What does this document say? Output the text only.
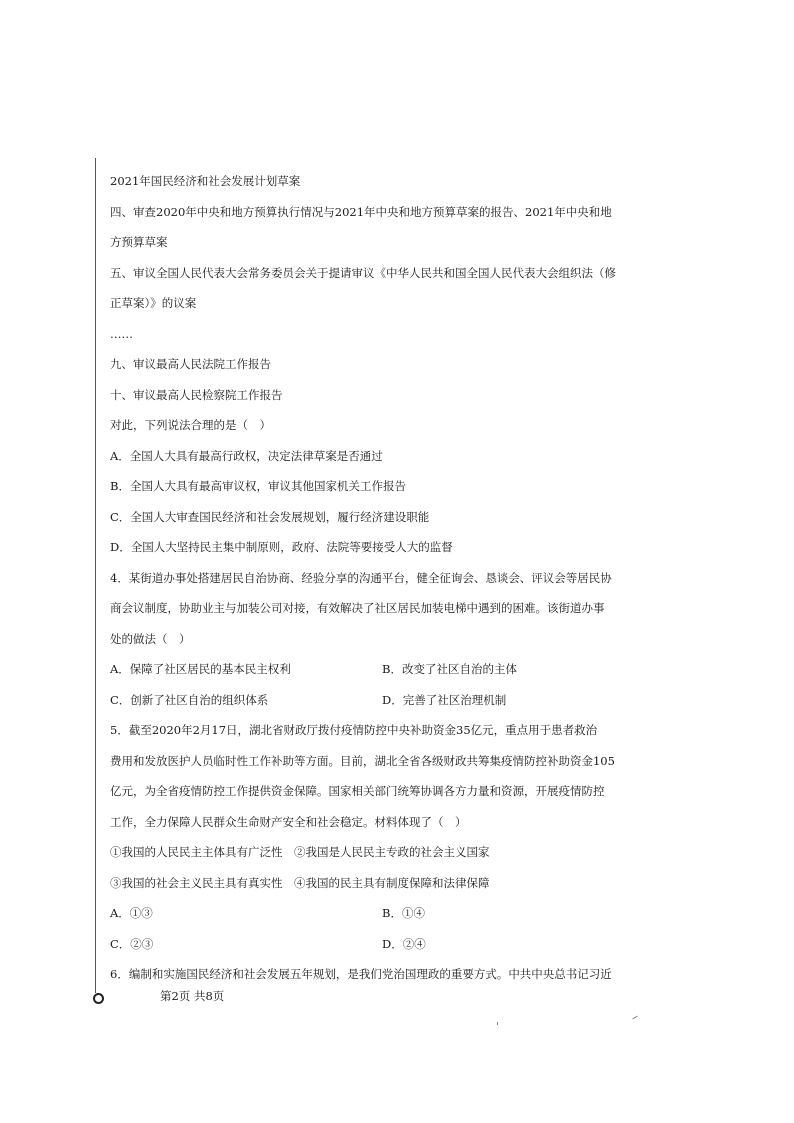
2021年国民经济和社会发展计划草案
四、审查2020年中央和地方预算执行情况与2021年中央和地方预算草案的报告、2021年中央和地
方预算草案
五、审议全国人民代表大会常务委员会关于提请审议《中华人民共和国全国人民代表大会组织法（修
正草案）》的议案
……
九、审议最高人民法院工作报告
十、审议最高人民检察院工作报告
对此，下列说法合理的是（　）
A．全国人大具有最高行政权，决定法律草案是否通过
B．全国人大具有最高审议权，审议其他国家机关工作报告
C．全国人大审查国民经济和社会发展规划，履行经济建设职能
D．全国人大坚持民主集中制原则，政府、法院等要接受人大的监督
4．某街道办事处搭建居民自治协商、经验分享的沟通平台，健全征询会、恳谈会、评议会等居民协
商会议制度，协助业主与加装公司对接，有效解决了社区居民加装电梯中遇到的困难。该街道办事
处的做法（　）
A．保障了社区居民的基本民主权利	B．改变了社区自治的主体
C．创新了社区自治的组织体系	D．完善了社区治理机制
5．截至2020年2月17日，湖北省财政厅拨付疫情防控中央补助资金35亿元，重点用于患者救治
费用和发放医护人员临时性工作补助等方面。目前，湖北全省各级财政共筹集疫情防控补助资金105
亿元，为全省疫情防控工作提供资金保障。国家相关部门统筹协调各方力量和资源，开展疫情防控
工作，全力保障人民群众生命财产安全和社会稳定。材料体现了（　）
①我国的人民民主主体具有广泛性　②我国是人民民主专政的社会主义国家
③我国的社会主义民主具有真实性　④我国的民主具有制度保障和法律保障
A．①③	B．①④
C．②③	D．②④
6．编制和实施国民经济和社会发展五年规划，是我们党治国理政的重要方式。中共中央总书记习近
第2页 共8页
